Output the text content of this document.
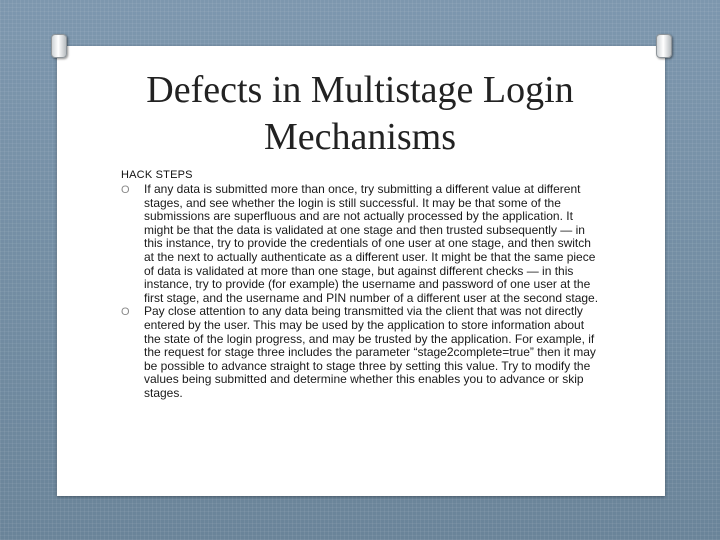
Defects in Multistage Login
Mechanisms
HACK STEPS
O If any data is submitted more than once, try submitting a different value at different stages, and see whether the login is still successful. It may be that some of the submissions are superfluous and are not actually processed by the application. It might be that the data is validated at one stage and then trusted subsequently — in this instance, try to provide the credentials of one user at one stage, and then switch at the next to actually authenticate as a different user. It might be that the same piece of data is validated at more than one stage, but against different checks — in this instance, try to provide (for example) the username and password of one user at the first stage, and the username and PIN number of a different user at the second stage.
O Pay close attention to any data being transmitted via the client that was not directly entered by the user. This may be used by the application to store information about the state of the login progress, and may be trusted by the application. For example, if the request for stage three includes the parameter “stage2complete=true” then it may be possible to advance straight to stage three by setting this value. Try to modify the values being submitted and determine whether this enables you to advance or skip stages.
